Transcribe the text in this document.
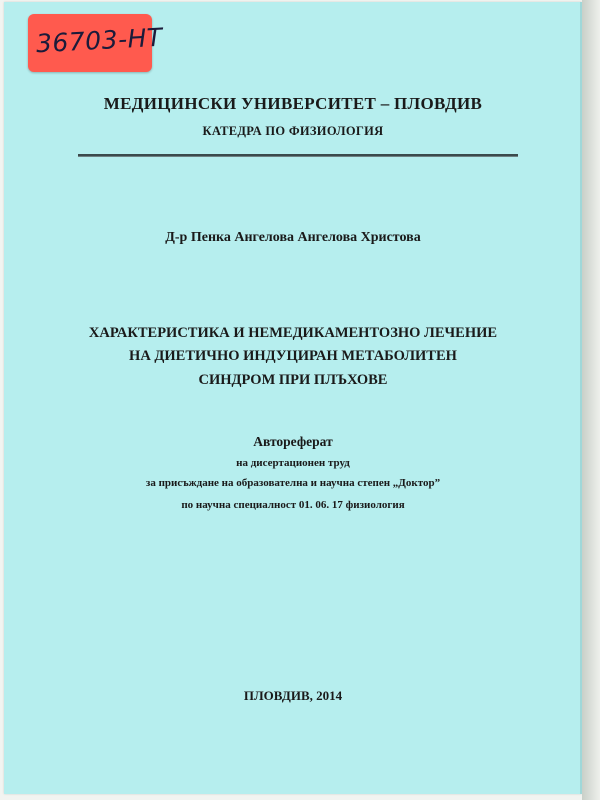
36703-НТ
МЕДИЦИНСКИ УНИВЕРСИТЕТ – ПЛОВДИВ
КАТЕДРА ПО ФИЗИОЛОГИЯ
Д-р Пенка Ангелова Ангелова Христова
ХАРАКТЕРИСТИКА И НЕМЕДИКАМЕНТОЗНО ЛЕЧЕНИЕ
НА ДИЕТИЧНО ИНДУЦИРАН МЕТАБОЛИТЕН
СИНДРОМ ПРИ ПЛЪХОВЕ
Автореферат
на дисертационен труд
за присъждане на образователна и научна степен „Доктор”
по научна специалност 01. 06. 17 физиология
ПЛОВДИВ, 2014
